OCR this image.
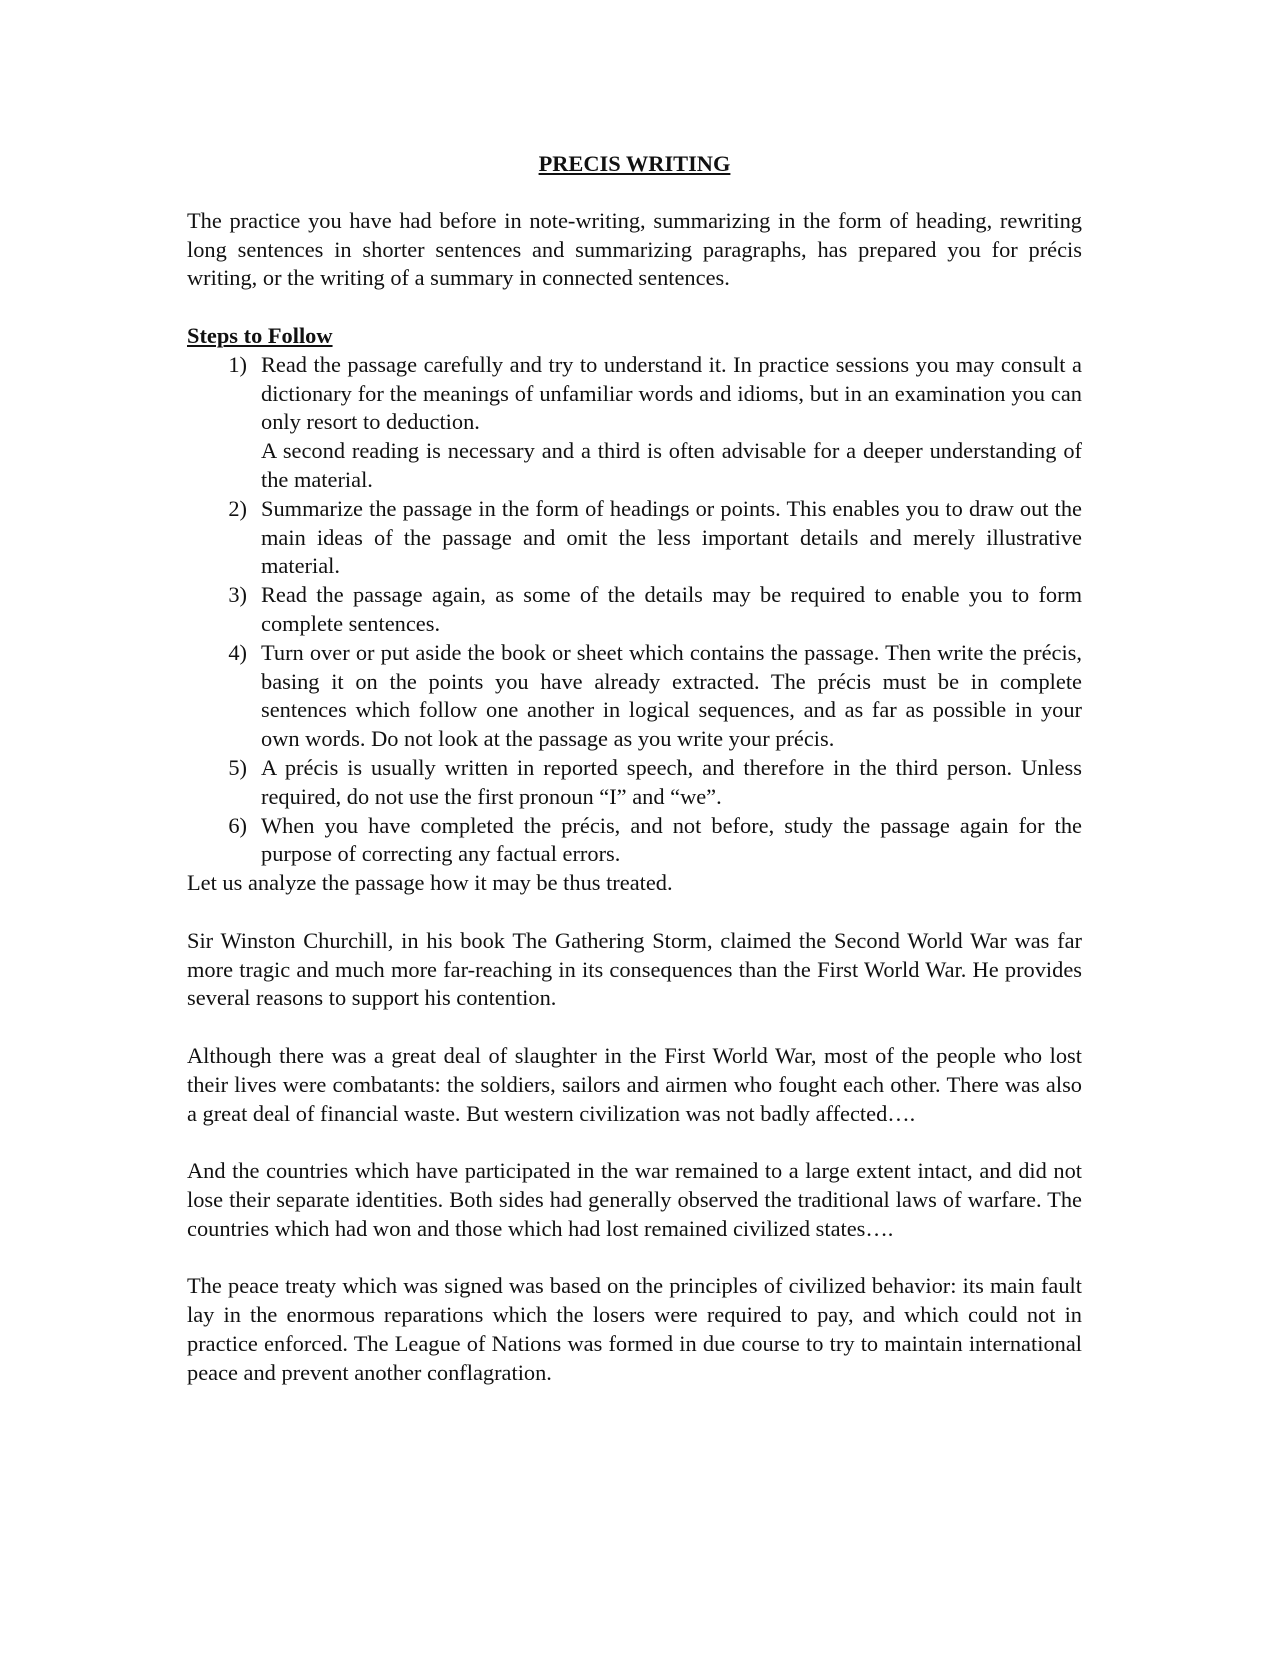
PRECIS WRITING

The practice you have had before in note-writing, summarizing in the form of heading, rewriting long sentences in shorter sentences and summarizing paragraphs, has prepared you for précis writing, or the writing of a summary in connected sentences.

Steps to Follow
1) Read the passage carefully and try to understand it. In practice sessions you may consult a dictionary for the meanings of unfamiliar words and idioms, but in an examination you can only resort to deduction.

A second reading is necessary and a third is often advisable for a deeper understanding of the material.

2) Summarize the passage in the form of headings or points. This enables you to draw out the main ideas of the passage and omit the less important details and merely illustrative material.

3) Read the passage again, as some of the details may be required to enable you to form complete sentences.

4) Turn over or put aside the book or sheet which contains the passage. Then write the précis, basing it on the points you have already extracted. The précis must be in complete sentences which follow one another in logical sequences, and as far as possible in your own words. Do not look at the passage as you write your précis.

5) A précis is usually written in reported speech, and therefore in the third person. Unless required, do not use the first pronoun “I” and “we”.

6) When you have completed the précis, and not before, study the passage again for the purpose of correcting any factual errors.

Let us analyze the passage how it may be thus treated.

Sir Winston Churchill, in his book The Gathering Storm, claimed the Second World War was far more tragic and much more far-reaching in its consequences than the First World War. He provides several reasons to support his contention.

Although there was a great deal of slaughter in the First World War, most of the people who lost their lives were combatants: the soldiers, sailors and airmen who fought each other. There was also a great deal of financial waste. But western civilization was not badly affected….

And the countries which have participated in the war remained to a large extent intact, and did not lose their separate identities. Both sides had generally observed the traditional laws of warfare. The countries which had won and those which had lost remained civilized states….

The peace treaty which was signed was based on the principles of civilized behavior: its main fault lay in the enormous reparations which the losers were required to pay, and which could not in practice enforced. The League of Nations was formed in due course to try to maintain international peace and prevent another conflagration.
